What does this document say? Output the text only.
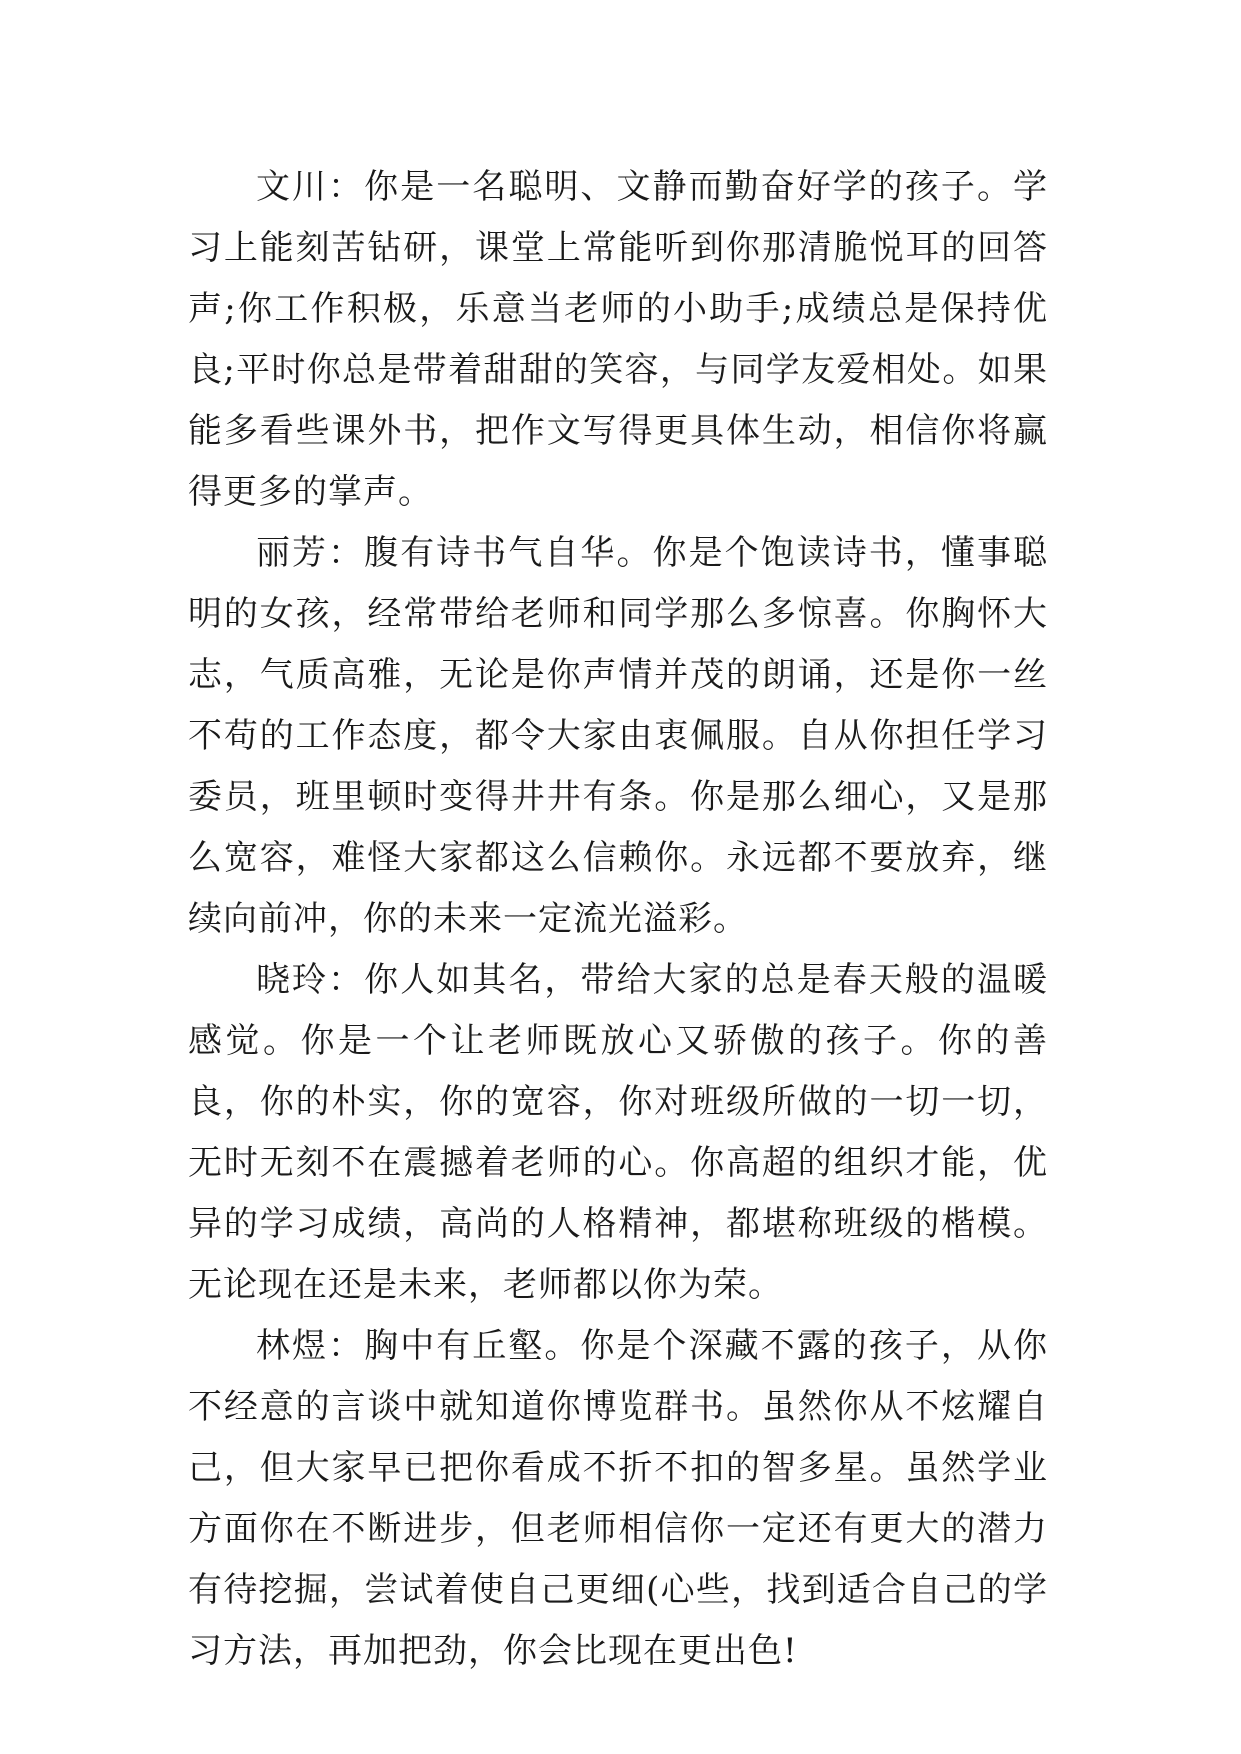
文川：你是一名聪明、文静而勤奋好学的孩子。学习上能刻苦钻研，课堂上常能听到你那清脆悦耳的回答声;你工作积极，乐意当老师的小助手;成绩总是保持优良;平时你总是带着甜甜的笑容，与同学友爱相处。如果能多看些课外书，把作文写得更具体生动，相信你将赢得更多的掌声。

丽芳：腹有诗书气自华。你是个饱读诗书，懂事聪明的女孩，经常带给老师和同学那么多惊喜。你胸怀大志，气质高雅，无论是你声情并茂的朗诵，还是你一丝不苟的工作态度，都令大家由衷佩服。自从你担任学习委员，班里顿时变得井井有条。你是那么细心，又是那么宽容，难怪大家都这么信赖你。永远都不要放弃，继续向前冲，你的未来一定流光溢彩。

晓玲：你人如其名，带给大家的总是春天般的温暖感觉。你是一个让老师既放心又骄傲的孩子。你的善良，你的朴实，你的宽容，你对班级所做的一切一切，无时无刻不在震撼着老师的心。你高超的组织才能，优异的学习成绩，高尚的人格精神，都堪称班级的楷模。无论现在还是未来，老师都以你为荣。

林煜：胸中有丘壑。你是个深藏不露的孩子，从你不经意的言谈中就知道你博览群书。虽然你从不炫耀自己，但大家早已把你看成不折不扣的智多星。虽然学业方面你在不断进步，但老师相信你一定还有更大的潜力有待挖掘，尝试着使自己更细(心些，找到适合自己的学习方法，再加把劲，你会比现在更出色!
